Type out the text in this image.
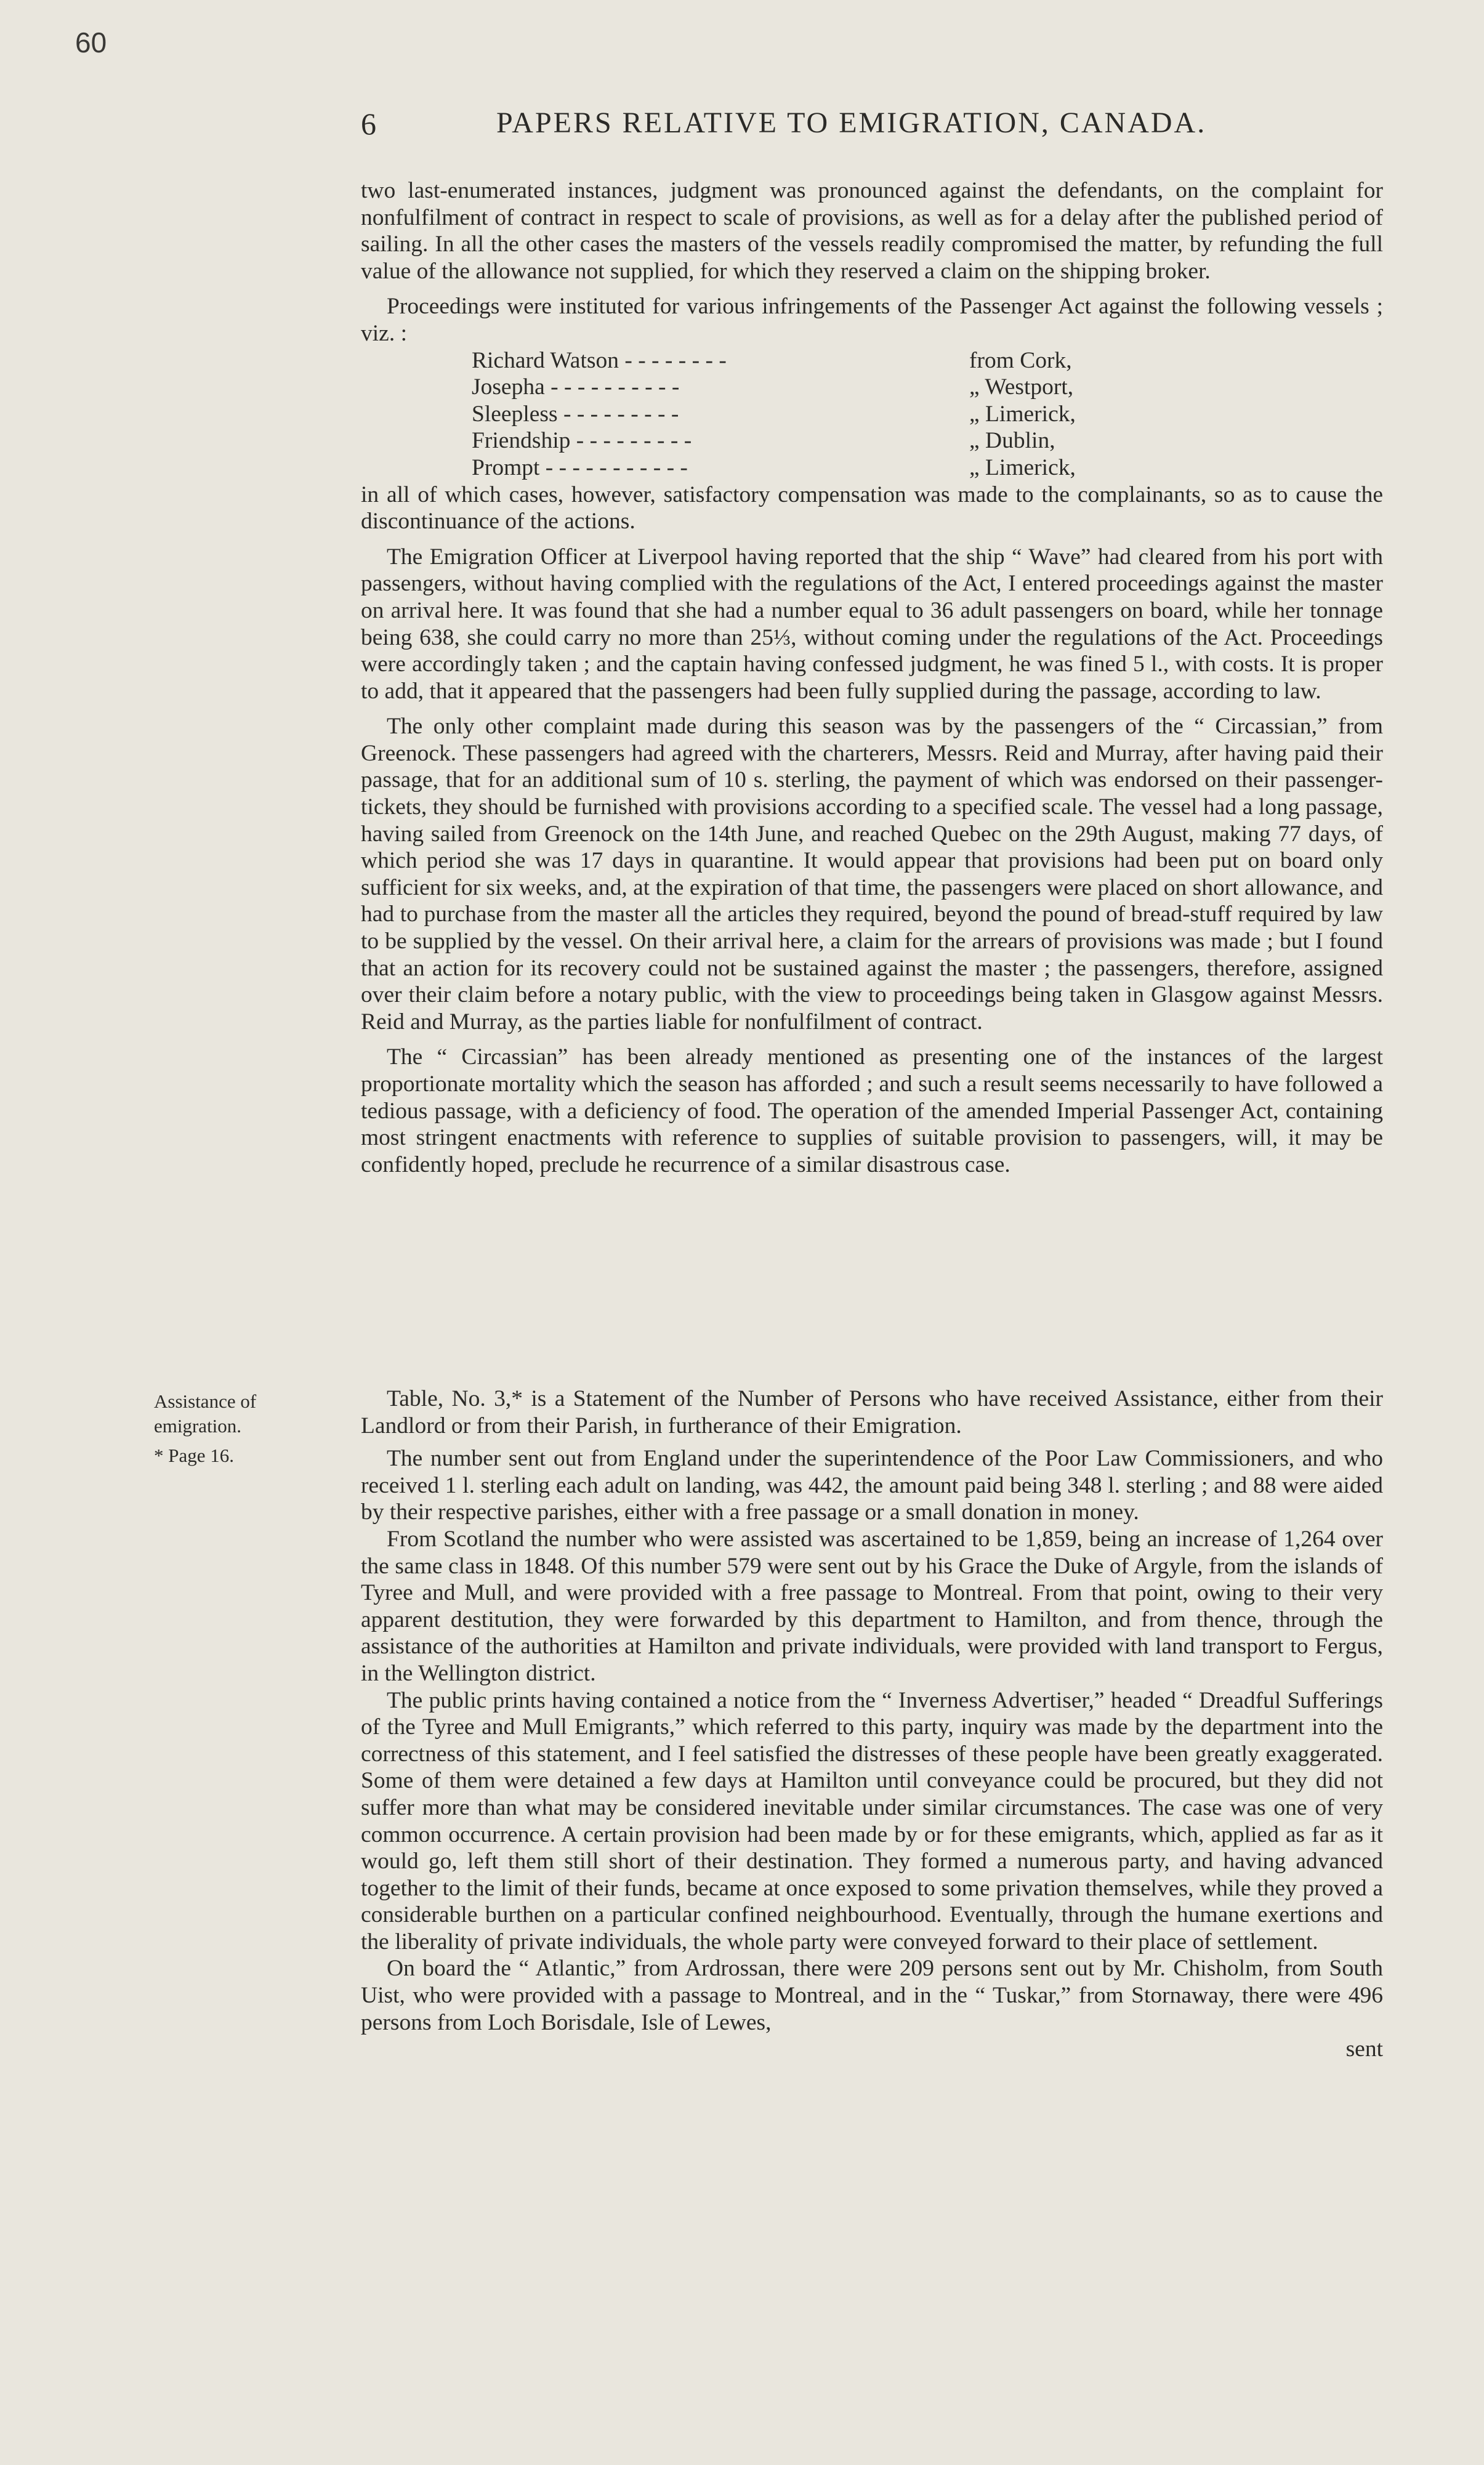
60
6	PAPERS RELATIVE TO EMIGRATION, CANADA.

two last-enumerated instances, judgment was pronounced against the defendants, on the complaint for nonfulfilment of contract in respect to scale of provisions, as well as for a delay after the published period of sailing. In all the other cases the masters of the vessels readily compromised the matter, by refunding the full value of the allowance not supplied, for which they reserved a claim on the shipping broker.

Proceedings were instituted for various infringements of the Passenger Act against the following vessels ; viz. :

Richard Watson - - - - - - - -	from Cork,
Josepha - - - - - - - - - -	„ Westport,
Sleepless - - - - - - - - -	„ Limerick,
Friendship - - - - - - - - -	„ Dublin,
Prompt - - - - - - - - - - -	„ Limerick,

in all of which cases, however, satisfactory compensation was made to the complainants, so as to cause the discontinuance of the actions.

The Emigration Officer at Liverpool having reported that the ship “ Wave” had cleared from his port with passengers, without having complied with the regulations of the Act, I entered proceedings against the master on arrival here. It was found that she had a number equal to 36 adult passengers on board, while her tonnage being 638, she could carry no more than 25⅓, without coming under the regulations of the Act. Proceedings were accordingly taken ; and the captain having confessed judgment, he was fined 5 l., with costs. It is proper to add, that it appeared that the passengers had been fully supplied during the passage, according to law.

The only other complaint made during this season was by the passengers of the “ Circassian,” from Greenock. These passengers had agreed with the charterers, Messrs. Reid and Murray, after having paid their passage, that for an additional sum of 10 s. sterling, the payment of which was endorsed on their passenger-tickets, they should be furnished with provisions according to a specified scale. The vessel had a long passage, having sailed from Greenock on the 14th June, and reached Quebec on the 29th August, making 77 days, of which period she was 17 days in quarantine. It would appear that provisions had been put on board only sufficient for six weeks, and, at the expiration of that time, the passengers were placed on short allowance, and had to purchase from the master all the articles they required, beyond the pound of bread-stuff required by law to be supplied by the vessel. On their arrival here, a claim for the arrears of provisions was made ; but I found that an action for its recovery could not be sustained against the master ; the passengers, therefore, assigned over their claim before a notary public, with the view to proceedings being taken in Glasgow against Messrs. Reid and Murray, as the parties liable for nonfulfilment of contract.

The “ Circassian” has been already mentioned as presenting one of the instances of the largest proportionate mortality which the season has afforded ; and such a result seems necessarily to have followed a tedious passage, with a deficiency of food. The operation of the amended Imperial Passenger Act, containing most stringent enactments with reference to supplies of suitable provision to passengers, will, it may be confidently hoped, preclude he recurrence of a similar disastrous case.

Assistance of emigration.
* Page 16.

Table, No. 3,* is a Statement of the Number of Persons who have received Assistance, either from their Landlord or from their Parish, in furtherance of their Emigration.

The number sent out from England under the superintendence of the Poor Law Commissioners, and who received 1 l. sterling each adult on landing, was 442, the amount paid being 348 l. sterling ; and 88 were aided by their respective parishes, either with a free passage or a small donation in money.

From Scotland the number who were assisted was ascertained to be 1,859, being an increase of 1,264 over the same class in 1848. Of this number 579 were sent out by his Grace the Duke of Argyle, from the islands of Tyree and Mull, and were provided with a free passage to Montreal. From that point, owing to their very apparent destitution, they were forwarded by this department to Hamilton, and from thence, through the assistance of the authorities at Hamilton and private individuals, were provided with land transport to Fergus, in the Wellington district.

The public prints having contained a notice from the “ Inverness Advertiser,” headed “ Dreadful Sufferings of the Tyree and Mull Emigrants,” which referred to this party, inquiry was made by the department into the correctness of this statement, and I feel satisfied the distresses of these people have been greatly exaggerated. Some of them were detained a few days at Hamilton until conveyance could be procured, but they did not suffer more than what may be considered inevitable under similar circumstances. The case was one of very common occurrence. A certain provision had been made by or for these emigrants, which, applied as far as it would go, left them still short of their destination. They formed a numerous party, and having advanced together to the limit of their funds, became at once exposed to some privation themselves, while they proved a considerable burthen on a particular confined neighbourhood. Eventually, through the humane exertions and the liberality of private individuals, the whole party were conveyed forward to their place of settlement.

On board the “ Atlantic,” from Ardrossan, there were 209 persons sent out by Mr. Chisholm, from South Uist, who were provided with a passage to Montreal, and in the “ Tuskar,” from Stornaway, there were 496 persons from Loch Borisdale, Isle of Lewes,

sent
